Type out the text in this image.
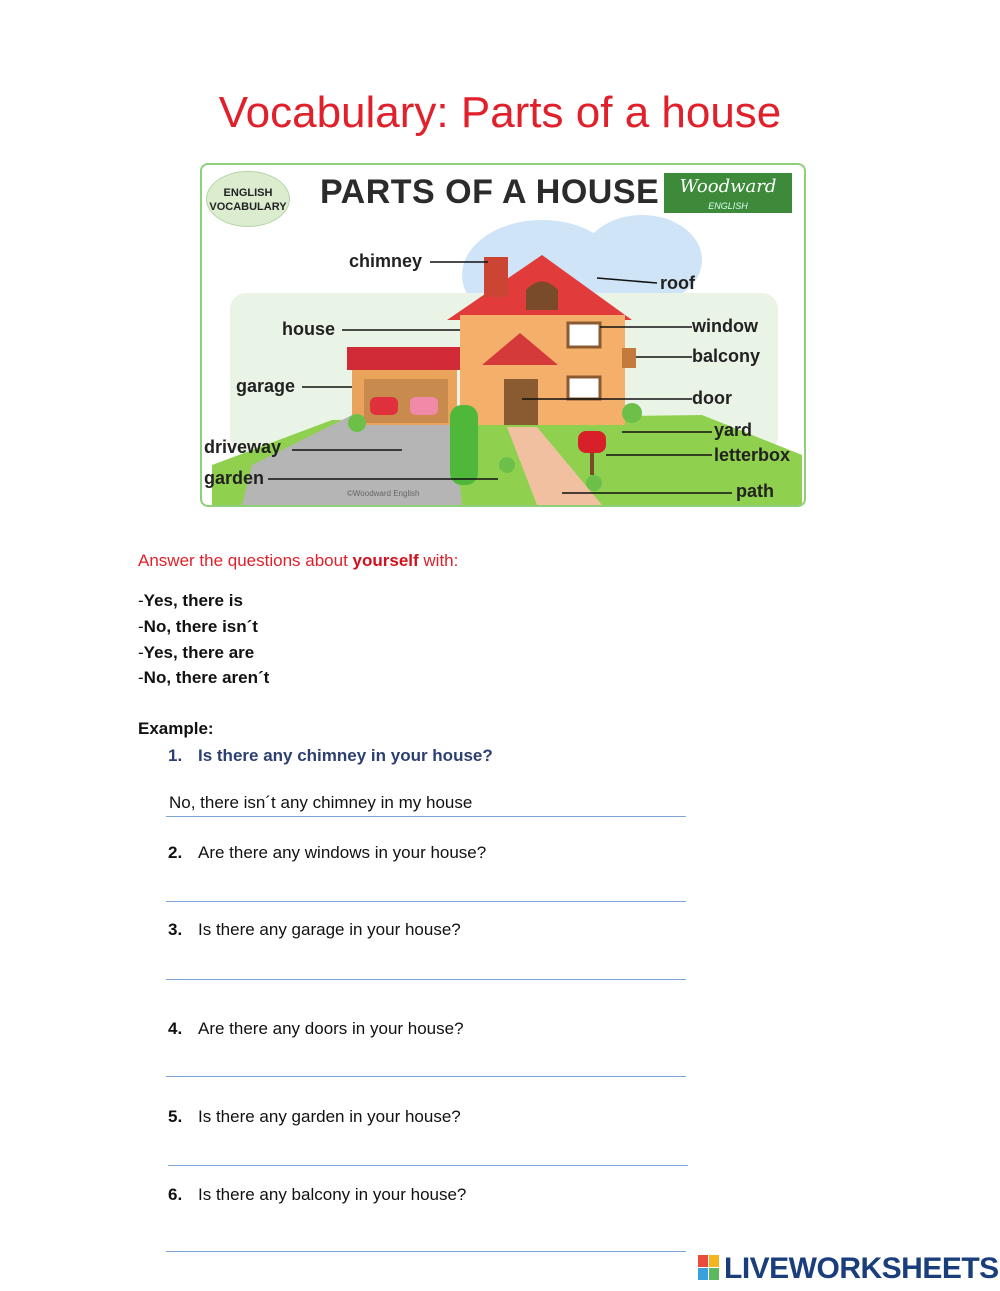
Vocabulary: Parts of a house
ENGLISH
VOCABULARY PARTS OF A HOUSE	Woodward
ENGLISH
chimney
roof
house	window
balcony
garage
door
yard
driveway	letterbox
garden
path
©Woodward English
Answer the questions about yourself with:
-Yes, there is
-No, there isn´t
-Yes, there are
-No, there aren´t
Example:
1. Is there any chimney in your house?
No, there isn´t any chimney in my house
2. Are there any windows in your house?
3. Is there any garage in your house?
4. Are there any doors in your house?
5. Is there any garden in your house?
6. Is there any balcony in your house?
LIVEWORKSHEETS
